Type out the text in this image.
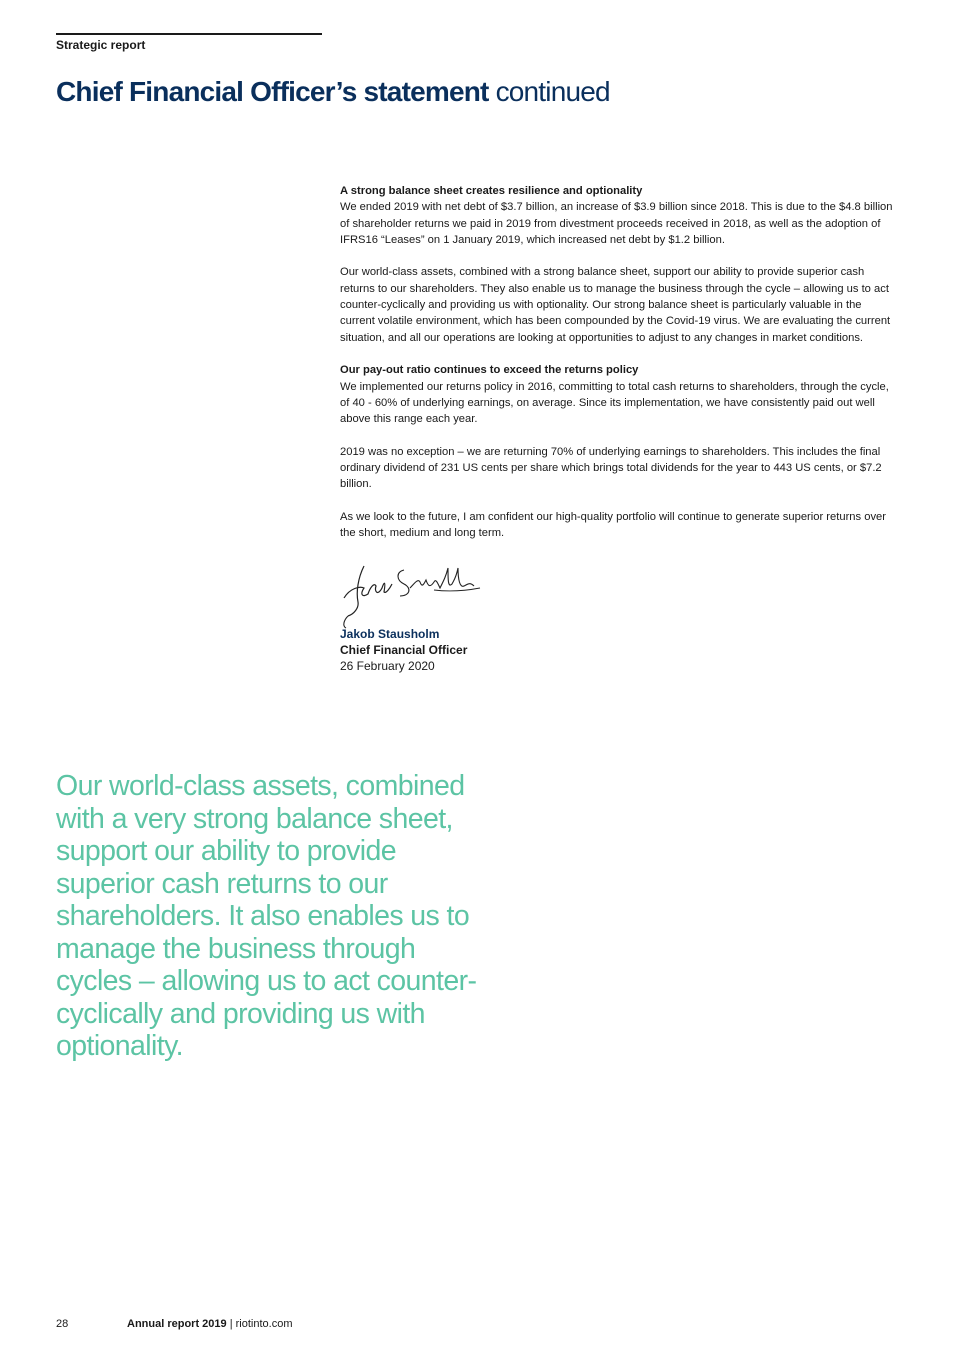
Strategic report
Chief Financial Officer’s statement continued
A strong balance sheet creates resilience and optionality

We ended 2019 with net debt of $3.7 billion, an increase of $3.9 billion since 2018. This is due to the $4.8 billion of shareholder returns we paid in 2019 from divestment proceeds received in 2018, as well as the adoption of IFRS16 “Leases” on 1 January 2019, which increased net debt by $1.2 billion.

Our world-class assets, combined with a strong balance sheet, support our ability to provide superior cash returns to our shareholders. They also enable us to manage the business through the cycle – allowing us to act counter-cyclically and providing us with optionality. Our strong balance sheet is particularly valuable in the current volatile environment, which has been compounded by the Covid-19 virus. We are evaluating the current situation, and all our operations are looking at opportunities to adjust to any changes in market conditions.

Our pay-out ratio continues to exceed the returns policy

We implemented our returns policy in 2016, committing to total cash returns to shareholders, through the cycle, of 40 - 60% of underlying earnings, on average. Since its implementation, we have consistently paid out well above this range each year.

2019 was no exception – we are returning 70% of underlying earnings to shareholders. This includes the final ordinary dividend of 231 US cents per share which brings total dividends for the year to 443 US cents, or $7.2 billion.

As we look to the future, I am confident our high-quality portfolio will continue to generate superior returns over the short, medium and long term.

Jakob Stausholm
Chief Financial Officer
26 February 2020

Our world-class assets, combined with a very strong balance sheet, support our ability to provide superior cash returns to our shareholders. It also enables us to manage the business through cycles – allowing us to act counter-cyclically and providing us with optionality.

28	Annual report 2019 | riotinto.com
